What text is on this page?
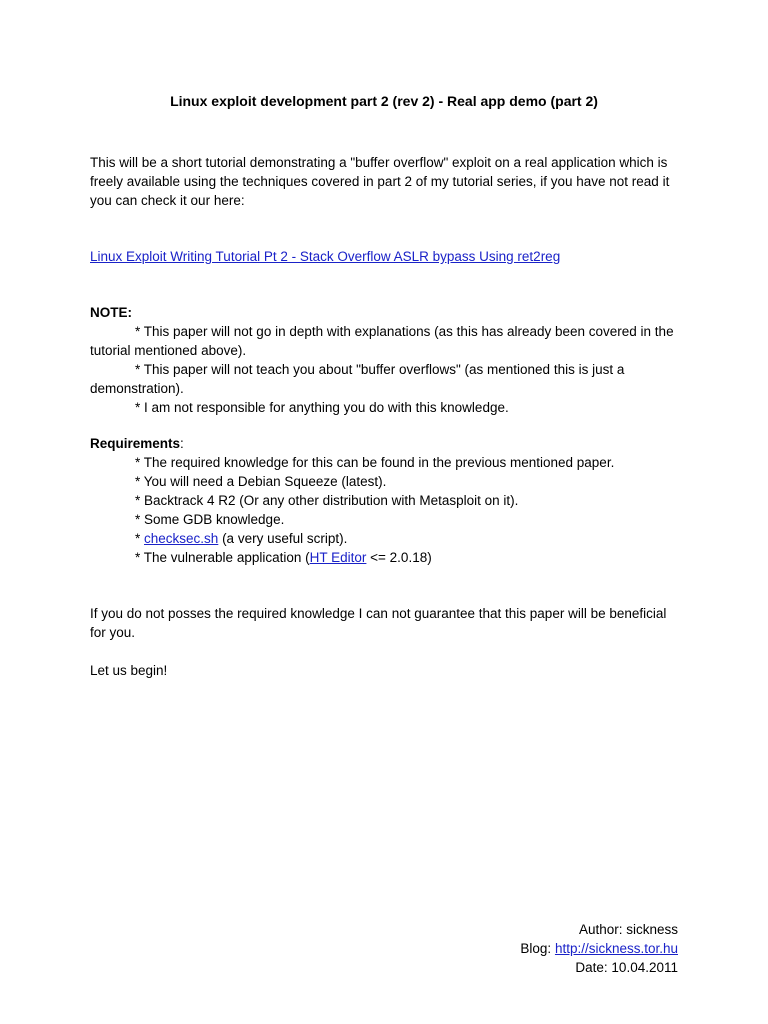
Linux exploit development part 2 (rev 2) - Real app demo (part 2)

This will be a short tutorial demonstrating a "buffer overflow" exploit on a real application which is freely available using the techniques covered in part 2 of my tutorial series, if you have not read it you can check it our here:

Linux Exploit Writing Tutorial Pt 2 - Stack Overflow ASLR bypass Using ret2reg

NOTE:

* This paper will not go in depth with explanations (as this has already been covered in the tutorial mentioned above).

* This paper will not teach you about "buffer overflows" (as mentioned this is just a demonstration).

* I am not responsible for anything you do with this knowledge.

Requirements:

* The required knowledge for this can be found in the previous mentioned paper.

* You will need a Debian Squeeze (latest).

* Backtrack 4 R2 (Or any other distribution with Metasploit on it).

* Some GDB knowledge.

* checksec.sh (a very useful script).

* The vulnerable application (HT Editor <= 2.0.18)

If you do not posses the required knowledge I can not guarantee that this paper will be beneficial for you.

Let us begin!

Author: sickness

Blog: http://sickness.tor.hu

Date: 10.04.2011
